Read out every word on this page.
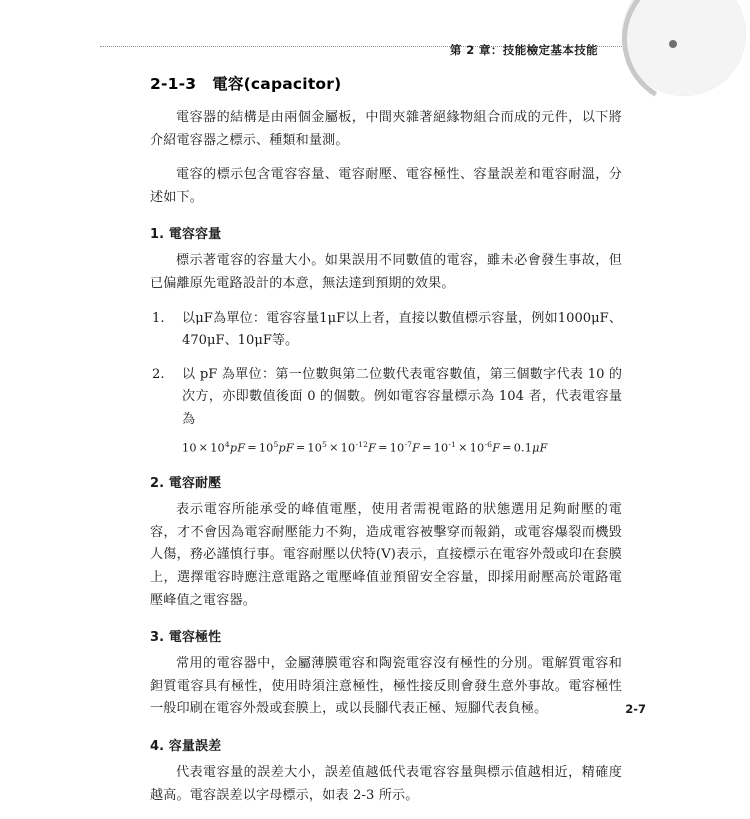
第 2 章：技能檢定基本技能
2-1-3 電容(capacitor)

電容器的結構是由兩個金屬板，中間夾雜著絕緣物組合而成的元件，以下將介紹電容器之標示、種類和量測。

電容的標示包含電容容量、電容耐壓、電容極性、容量誤差和電容耐溫，分述如下。

1. 電容容量

標示著電容的容量大小。如果誤用不同數值的電容，雖未必會發生事故，但已偏離原先電路設計的本意，無法達到預期的效果。

1.	以μF為單位：電容容量1μF以上者，直接以數值標示容量，例如1000μF、470μF、10μF等。
2.	以 pF 為單位：第一位數與第二位數代表電容數值，第三個數字代表 10 的次方，亦即數值後面 0 的個數。例如電容容量標示為 104 者，代表電容量為
$10 \times 10^4pF = 10^5pF = 10^5 \times 10^{-12}F = 10^{-7}F = 10^{-1} \times 10^{-6}F = 0.1\mu F$
2. 電容耐壓

表示電容所能承受的峰值電壓，使用者需視電路的狀態選用足夠耐壓的電容，才不會因為電容耐壓能力不夠，造成電容被擊穿而報銷，或電容爆裂而機毀人傷，務必謹慎行事。電容耐壓以伏特(V)表示，直接標示在電容外殼或印在套膜上，選擇電容時應注意電路之電壓峰值並預留安全容量，即採用耐壓高於電路電壓峰值之電容器。

3. 電容極性

常用的電容器中，金屬薄膜電容和陶瓷電容沒有極性的分別。電解質電容和鉭質電容具有極性，使用時須注意極性，極性接反則會發生意外事故。電容極性一般印刷在電容外殼或套膜上，或以長腳代表正極、短腳代表負極。

4. 容量誤差

代表電容量的誤差大小，誤差值越低代表電容容量與標示值越相近，精確度越高。電容誤差以字母標示，如表 2-3 所示。

2-7
